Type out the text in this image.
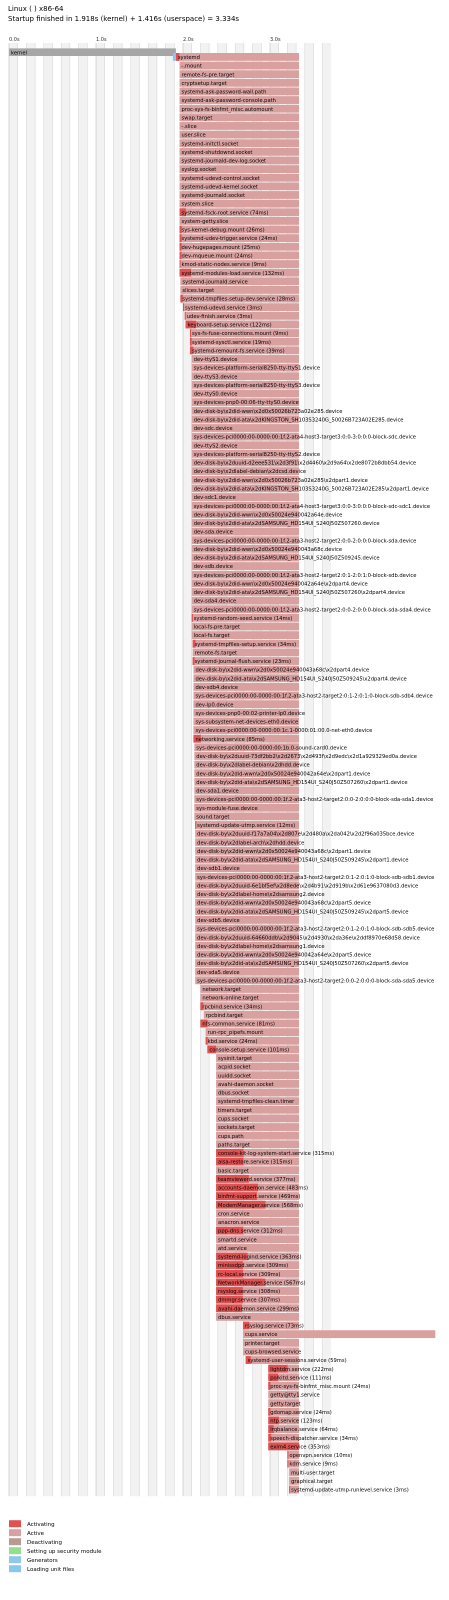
Linux ( ) x86-64
Startup finished in 1.918s (kernel) + 1.416s (userspace) = 3.334s
0.0s	1.0s	2.0s	3.0s
kernel
systemd
-.mount
remote-fs-pre.target
cryptsetup.target
systemd-ask-password-wall.path
systemd-ask-password-console.path
proc-sys-fs-binfmt_misc.automount
swap.target
-.slice
user.slice
systemd-initctl.socket
systemd-shutdownd.socket
systemd-journald-dev-log.socket
syslog.socket
systemd-udevd-control.socket
systemd-udevd-kernel.socket
systemd-journald.socket
system.slice
systemd-fsck-root.service (74ms)
system-getty.slice
sys-kernel-debug.mount (26ms)
systemd-udev-trigger.service (24ms)
dev-hugepages.mount (25ms)
dev-mqueue.mount (24ms)
kmod-static-nodes.service (9ms)
systemd-modules-load.service (132ms)
systemd-journald.service
slices.target
systemd-tmpfiles-setup-dev.service (28ms)
systemd-udevd.service (3ms)
udev-finish.service (3ms)
keyboard-setup.service (122ms)
sys-fs-fuse-connections.mount (9ms)
systemd-sysctl.service (19ms)
systemd-remount-fs.service (39ms)
dev-ttyS1.device
sys-devices-platform-serial8250-tty-ttyS1.device
dev-ttyS3.device
sys-devices-platform-serial8250-tty-ttyS3.device
dev-ttyS0.device
sys-devices-pnp0-00:06-tty-ttyS0.device
dev-disk-by\x2did-wwn\x2d0x50026b723a02e285.device
dev-disk-by\x2did-ata\x2dKINGSTON_SH103S3240G_50026B723A02E285.device
dev-sdc.device
sys-devices-pci0000:00-0000:00:1f.2-ata4-host3-target3:0:0-3:0:0:0-block-sdc.device
dev-ttyS2.device
sys-devices-platform-serial8250-tty-ttyS2.device
dev-disk-by\x2duuid-d2eee531\x2d3f91\x2d4460\x2d9a64\x2de8072b8dbb54.device
dev-disk-by\x2dlabel-debian\x2dcsd.device
dev-disk-by\x2did-wwn\x2d0x50026b723a02e285\x2dpart1.device
dev-disk-by\x2did-ata\x2dKINGSTON_SH103S3240G_50026B723A02E285\x2dpart1.device
dev-sdc1.device
sys-devices-pci0000:00-0000:00:1f.2-ata4-host3-target3:0:0-3:0:0:0-block-sdc-sdc1.device
dev-disk-by\x2did-wwn\x2d0x50024e940042a64e.device
dev-disk-by\x2did-ata\x2dSAMSUNG_HD154UI_S240J50Z507260.device
dev-sda.device
sys-devices-pci0000:00-0000:00:1f.2-ata3-host2-target2:0:0-2:0:0:0-block-sda.device
dev-disk-by\x2did-wwn\x2d0x50024e940043a68c.device
dev-disk-by\x2did-ata\x2dSAMSUNG_HD154UI_S240J50Z509245.device
dev-sdb.device
sys-devices-pci0000:00-0000:00:1f.2-ata3-host2-target2:0:1-2:0:1:0-block-sdb.device
dev-disk-by\x2did-wwn\x2d0x50024e940042a64e\x2dpart4.device
dev-disk-by\x2did-ata\x2dSAMSUNG_HD154UI_S240J50Z507260\x2dpart4.device
dev-sda4.device
sys-devices-pci0000:00-0000:00:1f.2-ata3-host2-target2:0:0-2:0:0:0-block-sda-sda4.device
systemd-random-seed.service (14ms)
local-fs-pre.target
local-fs.target
systemd-tmpfiles-setup.service (34ms)
remote-fs.target
systemd-journal-flush.service (23ms)
dev-disk-by\x2did-wwn\x2d0x50024e940043a68c\x2dpart4.device
dev-disk-by\x2did-ata\x2dSAMSUNG_HD154UI_S240J50Z509245\x2dpart4.device
dev-sdb4.device
sys-devices-pci0000:00-0000:00:1f.2-ata3-host2-target2:0:1-2:0:1:0-block-sdb-sdb4.device
dev-lp0.device
sys-devices-pnp0-00:02-printer-lp0.device
sys-subsystem-net-devices-eth0.device
sys-devices-pci0000:00-0000:00:1c.1-0000:01:00.0-net-eth0.device
networking.service (85ms)
sys-devices-pci0000:00-0000:00:1b.0-sound-card0.device
dev-disk-by\x2duuid-73df2bb2\x2d2673\x2d493f\x2d9edc\x2d1a929329ed0a.device
dev-disk-by\x2dlabel-debian\x2dhdd.device
dev-disk-by\x2did-wwn\x2d0x50024e940042a64e\x2dpart1.device
dev-disk-by\x2did-ata\x2dSAMSUNG_HD154UI_S240J50Z507260\x2dpart1.device
dev-sda1.device
sys-devices-pci0000:00-0000:00:1f.2-ata3-host2-target2:0:0-2:0:0:0-block-sda-sda1.device
sys-module-fuse.device
sound.target
systemd-update-utmp.service (12ms)
dev-disk-by\x2duuid-f17a7a04\x2d807e\x2d480a\x2da042\x2d2f96a035bce.device
dev-disk-by\x2dlabel-arch\x2dhdd.device
dev-disk-by\x2did-wwn\x2d0x50024e940043a68c\x2dpart1.device
dev-disk-by\x2did-ata\x2dSAMSUNG_HD154UI_S240J50Z509245\x2dpart1.device
dev-sdb1.device
sys-devices-pci0000:00-0000:00:1f.2-ata3-host2-target2:0:1-2:0:1:0-block-sdb-sdb1.device
dev-disk-by\x2duuid-6e1bf5ef\x2d8ede\x2d4b91\x2d919b\x2d61e9637080d3.device
dev-disk-by\x2dlabel-home\x2dsamsung2.device
dev-disk-by\x2did-wwn\x2d0x50024e940043a68c\x2dpart5.device
dev-disk-by\x2did-ata\x2dSAMSUNG_HD154UI_S240J50Z509245\x2dpart5.device
dev-sdb5.device
sys-devices-pci0000:00-0000:00:1f.2-ata3-host2-target2:0:1-2:0:1:0-block-sdb-sdb5.device
dev-disk-by\x2duuid-64660ddb\x2d9045\x2d4930\x2da36e\x2ddf8970e68d58.device
dev-disk-by\x2dlabel-home\x2dsamsung1.device
dev-disk-by\x2did-wwn\x2d0x50024e940042a64e\x2dpart5.device
dev-disk-by\x2did-ata\x2dSAMSUNG_HD154UI_S240J50Z507260\x2dpart5.device
dev-sda5.device
sys-devices-pci0000:00-0000:00:1f.2-ata3-host2-target2:0:0-2:0:0:0-block-sda-sda5.device
network.target
network-online.target
rpcbind.service (34ms)
rpcbind.target
nfs-common.service (81ms)
run-rpc_pipefs.mount
kbd.service (24ms)
console-setup.service (101ms)
sysinit.target
acpid.socket
uuidd.socket
avahi-daemon.socket
dbus.socket
systemd-tmpfiles-clean.timer
timers.target
cups.socket
sockets.target
cups.path
paths.target
console-kit-log-system-start.service (315ms)
alsa-restore.service (315ms)
basic.target
teamviewerd.service (377ms)
accounts-daemon.service (483ms)
binfmt-support.service (469ms)
ModemManager.service (568ms)
cron.service
anacron.service
ppp-dns.service (312ms)
smartd.service
atd.service
systemd-logind.service (363ms)
minissdpd.service (309ms)
rc-local.service (309ms)
NetworkManager.service (567ms)
rsyslog.service (308ms)
dmmgr.service (307ms)
avahi-daemon.service (299ms)
dbus.service
rsyslog.service (73ms)
cups.service
printer.target
cups-browsed.service
systemd-user-sessions.service (59ms)
lightdm.service (222ms)
polkitd.service (111ms)
proc-sys-fs-binfmt_misc.mount (24ms)
getty@tty1.service
getty.target
gdomap.service (24ms)
ntp.service (123ms)
irqbalance.service (64ms)
speech-dispatcher.service (34ms)
exim4.service (353ms)
openvpn.service (10ms)
kdm.service (9ms)
multi-user.target
graphical.target
systemd-update-utmp-runlevel.service (3ms)
Activating
Active
Deactivating
Setting up security module
Generators
Loading unit files
